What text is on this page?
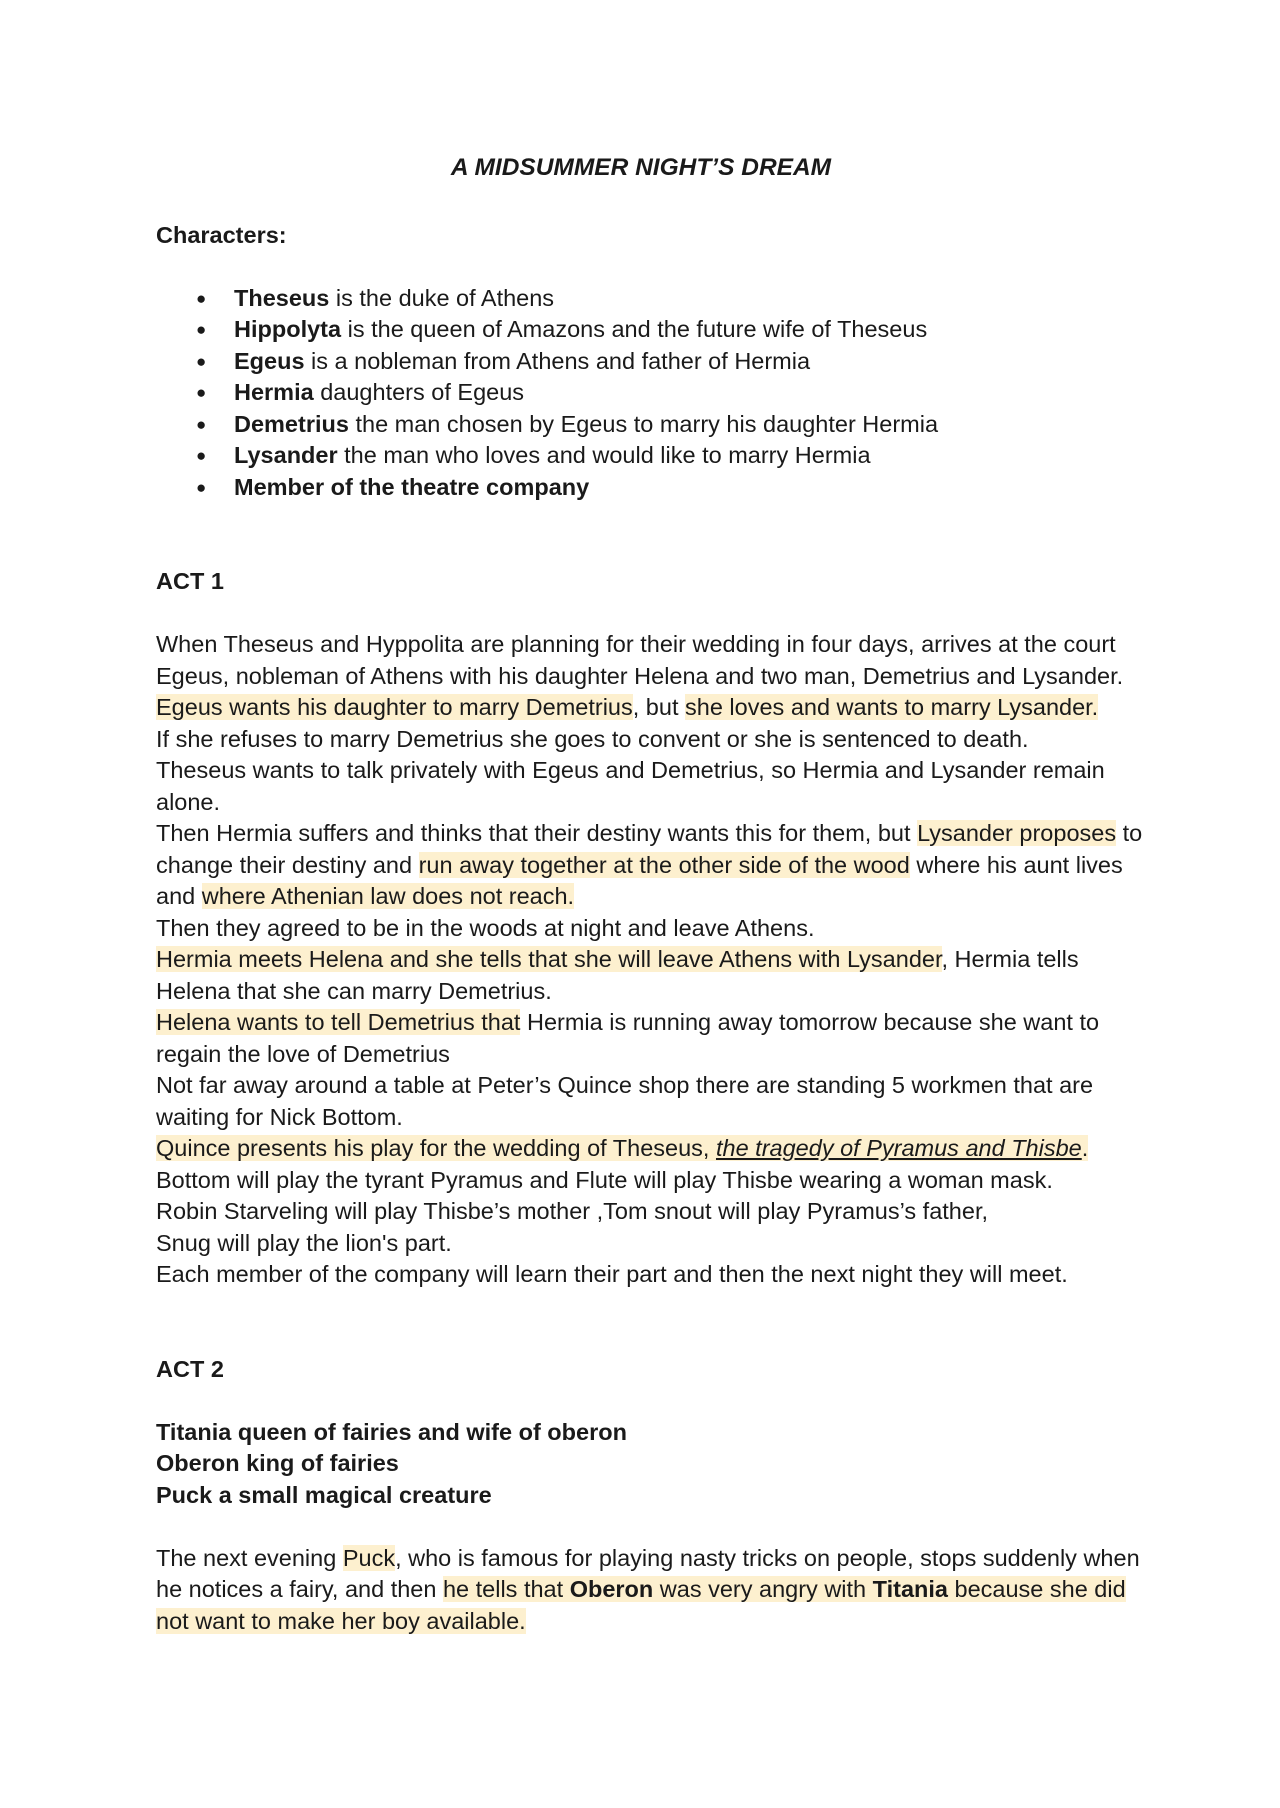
A MIDSUMMER NIGHT’S DREAM

Characters:

● Theseus is the duke of Athens
● Hippolyta is the queen of Amazons and the future wife of Theseus
● Egeus is a nobleman from Athens and father of Hermia
● Hermia daughters of Egeus
● Demetrius the man chosen by Egeus to marry his daughter Hermia
● Lysander the man who loves and would like to marry Hermia
● Member of the theatre company

ACT 1

When Theseus and Hyppolita are planning for their wedding in four days, arrives at the court Egeus, nobleman of Athens with his daughter Helena and two man, Demetrius and Lysander.

Egeus wants his daughter to marry Demetrius, but she loves and wants to marry Lysander.

If she refuses to marry Demetrius she goes to convent or she is sentenced to death.

Theseus wants to talk privately with Egeus and Demetrius, so Hermia and Lysander remain alone.

Then Hermia suffers and thinks that their destiny wants this for them, but Lysander proposes to change their destiny and run away together at the other side of the wood where his aunt lives and where Athenian law does not reach.

Then they agreed to be in the woods at night and leave Athens.

Hermia meets Helena and she tells that she will leave Athens with Lysander, Hermia tells Helena that she can marry Demetrius.

Helena wants to tell Demetrius that Hermia is running away tomorrow because she want to regain the love of Demetrius

Not far away around a table at Peter’s Quince shop there are standing 5 workmen that are waiting for Nick Bottom.

Quince presents his play for the wedding of Theseus, the tragedy of Pyramus and Thisbe.

Bottom will play the tyrant Pyramus and Flute will play Thisbe wearing a woman mask.

Robin Starveling will play Thisbe’s mother ,Tom snout will play Pyramus’s father,

Snug will play the lion's part.

Each member of the company will learn their part and then the next night they will meet.

ACT 2

Titania queen of fairies and wife of oberon

Oberon king of fairies

Puck a small magical creature

The next evening Puck, who is famous for playing nasty tricks on people, stops suddenly when he notices a fairy, and then he tells that Oberon was very angry with Titania because she did not want to make her boy available.
